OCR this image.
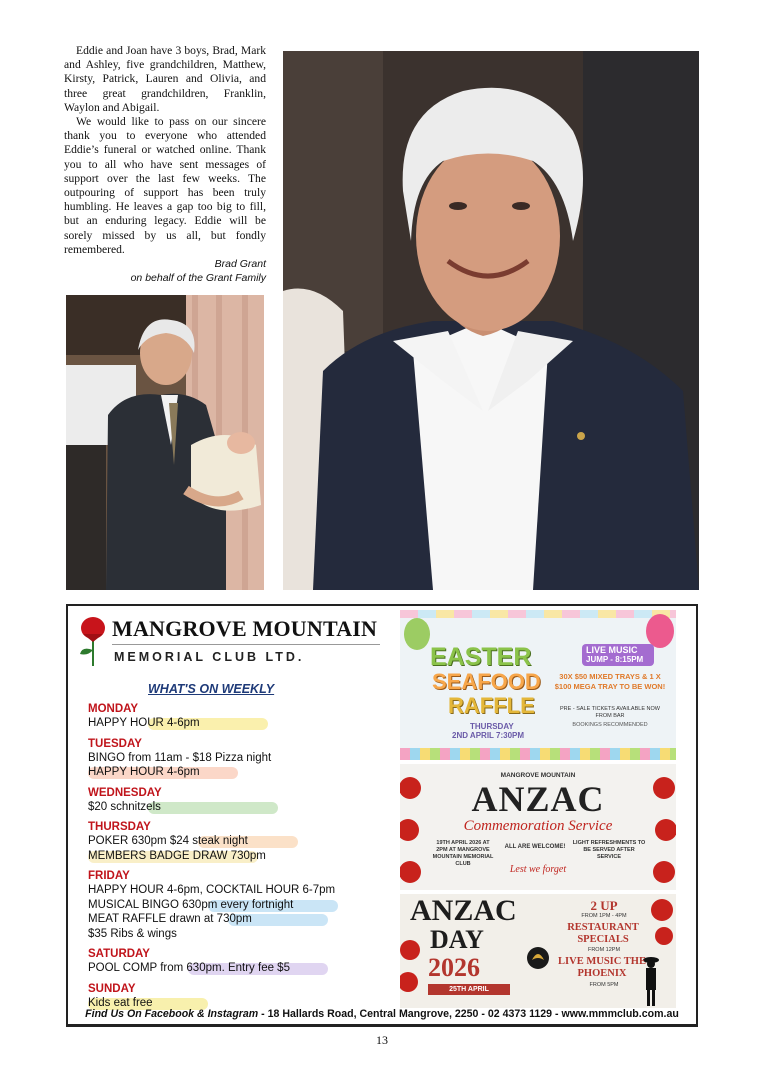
Eddie and Joan have 3 boys, Brad, Mark and Ashley, five grandchildren, Matthew, Kirsty, Patrick, Lauren and Olivia, and three great grandchildren, Franklin, Waylon and Abigail.

We would like to pass on our sincere thank you to everyone who attended Eddie’s funeral or watched online. Thank you to all who have sent messages of support over the last few weeks. The outpouring of support has been truly humbling. He leaves a gap too big to fill, but an enduring legacy. Eddie will be sorely missed by us all, but fondly remembered.

Brad Grant
on behalf of the Grant Family
MANGROVE MOUNTAIN
MEMORIAL CLUB LTD.
WHAT'S ON WEEKLY
MONDAY
HAPPY HOUR 4-6pm
TUESDAY
BINGO from 11am - $18 Pizza night
HAPPY HOUR 4-6pm
WEDNESDAY
$20 schnitzels
THURSDAY
POKER 630pm $24 steak night
MEMBERS BADGE DRAW 730pm
FRIDAY
HAPPY HOUR 4-6pm, COCKTAIL HOUR 6-7pm
MUSICAL BINGO 630pm every fortnight
MEAT RAFFLE drawn at 730pm
$35 Ribs & wings
SATURDAY
POOL COMP from 630pm. Entry fee $5
SUNDAY
Kids eat free
EASTER
SEAFOOD
RAFFLE
THURSDAY
2ND APRIL 7:30PM
LIVE MUSIC
JUMP - 8:15PM
30X $50 MIXED TRAYS & 1 X $100 MEGA TRAY TO BE WON!
PRE - SALE TICKETS AVAILABLE NOW FROM BAR
BOOKINGS RECOMMENDED
MANGROVE MOUNTAIN
ANZAC
Commemoration Service
19TH APRIL 2026 AT 2PM AT MANGROVE MOUNTAIN MEMORIAL CLUB
ALL ARE WELCOME!
LIGHT REFRESHMENTS TO BE SERVED AFTER SERVICE
Lest we forget
ANZAC
DAY
2026
25TH APRIL
2 UP
FROM 1PM - 4PM
RESTAURANT SPECIALS
FROM 12PM
LIVE MUSIC THE PHOENIX
FROM 5PM
Find Us On Facebook & Instagram - 18 Hallards Road, Central Mangrove, 2250 - 02 4373 1129 - www.mmmclub.com.au
13
